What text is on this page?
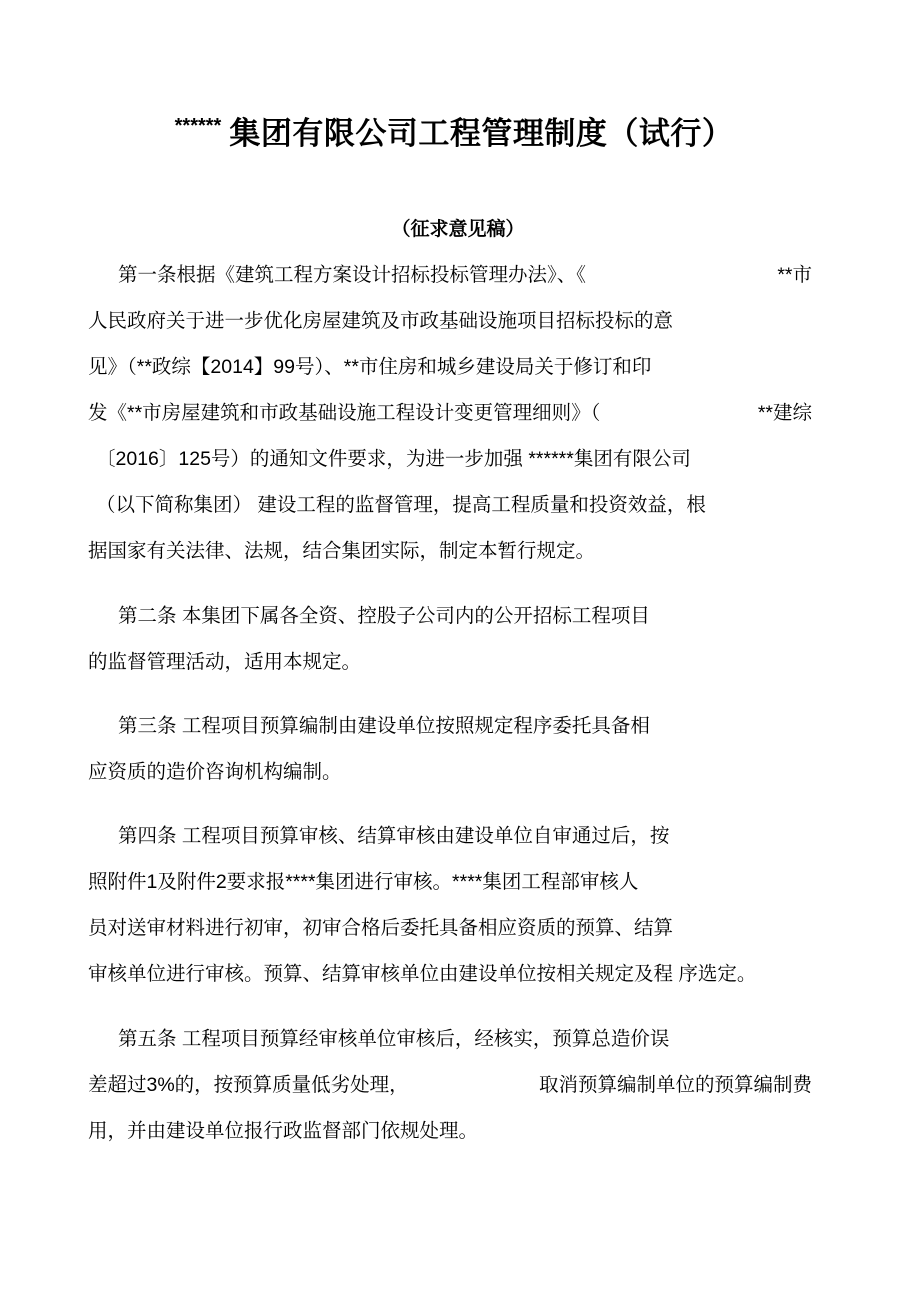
****** 集团有限公司工程管理制度（试行）
（征求意见稿）
第一条根据《建筑工程方案设计招标投标管理办法》、《	**市
人民政府关于进一步优化房屋建筑及市政基础设施项目招标投标的意
见》（**政综【2014】99号）、**市住房和城乡建设局关于修订和印
发《**市房屋建筑和市政基础设施工程设计变更管理细则》（	**建综
〔2016〕125号）的通知文件要求，为进一步加强 ******集团有限公司
（以下简称集团） 建设工程的监督管理，提高工程质量和投资效益，根
据国家有关法律、法规，结合集团实际，制定本暂行规定。
第二条 本集团下属各全资、控股子公司内的公开招标工程项目
的监督管理活动，适用本规定。
第三条 工程项目预算编制由建设单位按照规定程序委托具备相
应资质的造价咨询机构编制。
第四条 工程项目预算审核、结算审核由建设单位自审通过后，按
照附件1及附件2要求报****集团进行审核。****集团工程部审核人
员对送审材料进行初审，初审合格后委托具备相应资质的预算、结算
审核单位进行审核。预算、结算审核单位由建设单位按相关规定及程 序选定。
第五条 工程项目预算经审核单位审核后，经核实，预算总造价误
差超过3%的，按预算质量低劣处理，	取消预算编制单位的预算编制费
用，并由建设单位报行政监督部门依规处理。
